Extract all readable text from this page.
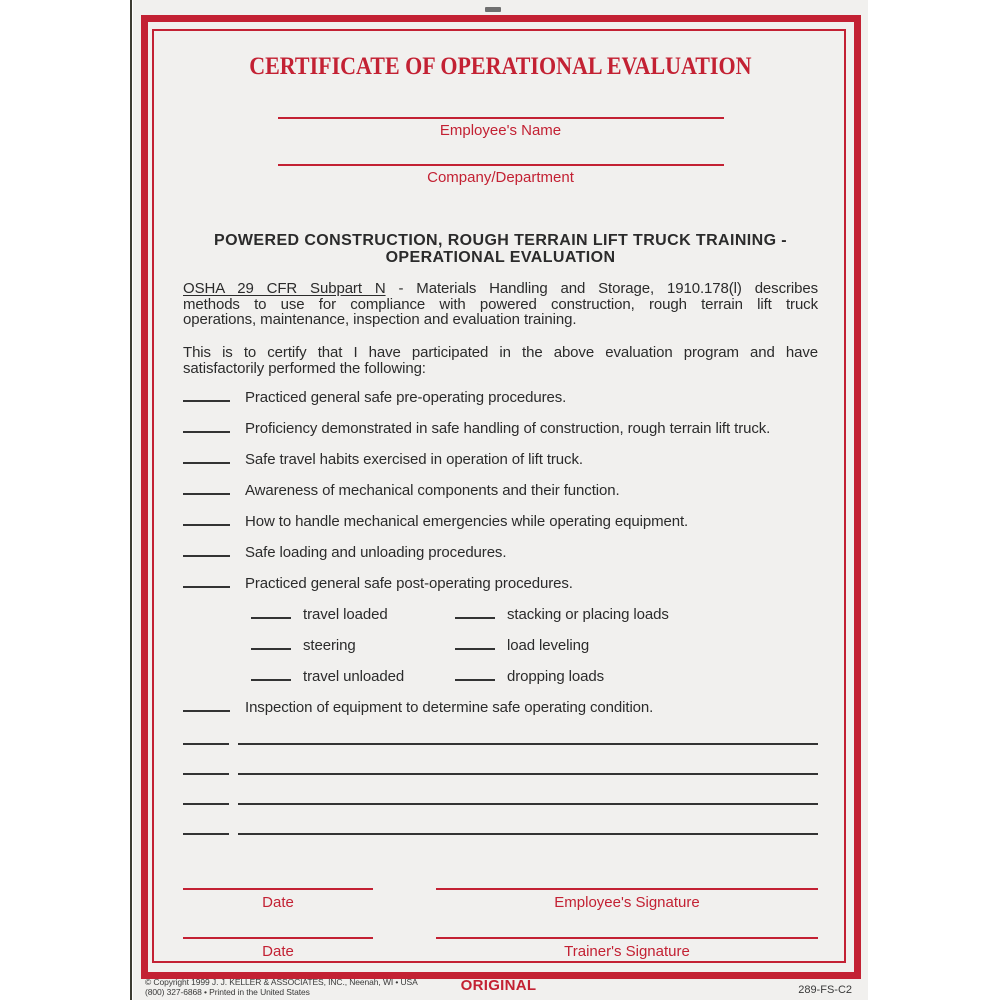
CERTIFICATE OF OPERATIONAL EVALUATION
Employee's Name
Company/Department
POWERED CONSTRUCTION, ROUGH TERRAIN LIFT TRUCK TRAINING -
OPERATIONAL EVALUATION
OSHA 29 CFR Subpart N - Materials Handling and Storage, 1910.178(l) describes
methods to use for compliance with powered construction, rough terrain lift truck
operations, maintenance, inspection and evaluation training.
This is to certify that I have participated in the above evaluation program and have
satisfactorily performed the following:
Practiced general safe pre-operating procedures.
Proficiency demonstrated in safe handling of construction, rough terrain lift truck.
Safe travel habits exercised in operation of lift truck.
Awareness of mechanical components and their function.
How to handle mechanical emergencies while operating equipment.
Safe loading and unloading procedures.
Practiced general safe post-operating procedures.
travel loaded	stacking or placing loads
steering	load leveling
travel unloaded	dropping loads
Inspection of equipment to determine safe operating condition.
Date	Employee's Signature
Date	Trainer's Signature
© Copyright 1999 J. J. KELLER & ASSOCIATES, INC., Neenah, WI • USA
(800) 327-6868 • Printed in the United States	ORIGINAL	289-FS-C2
